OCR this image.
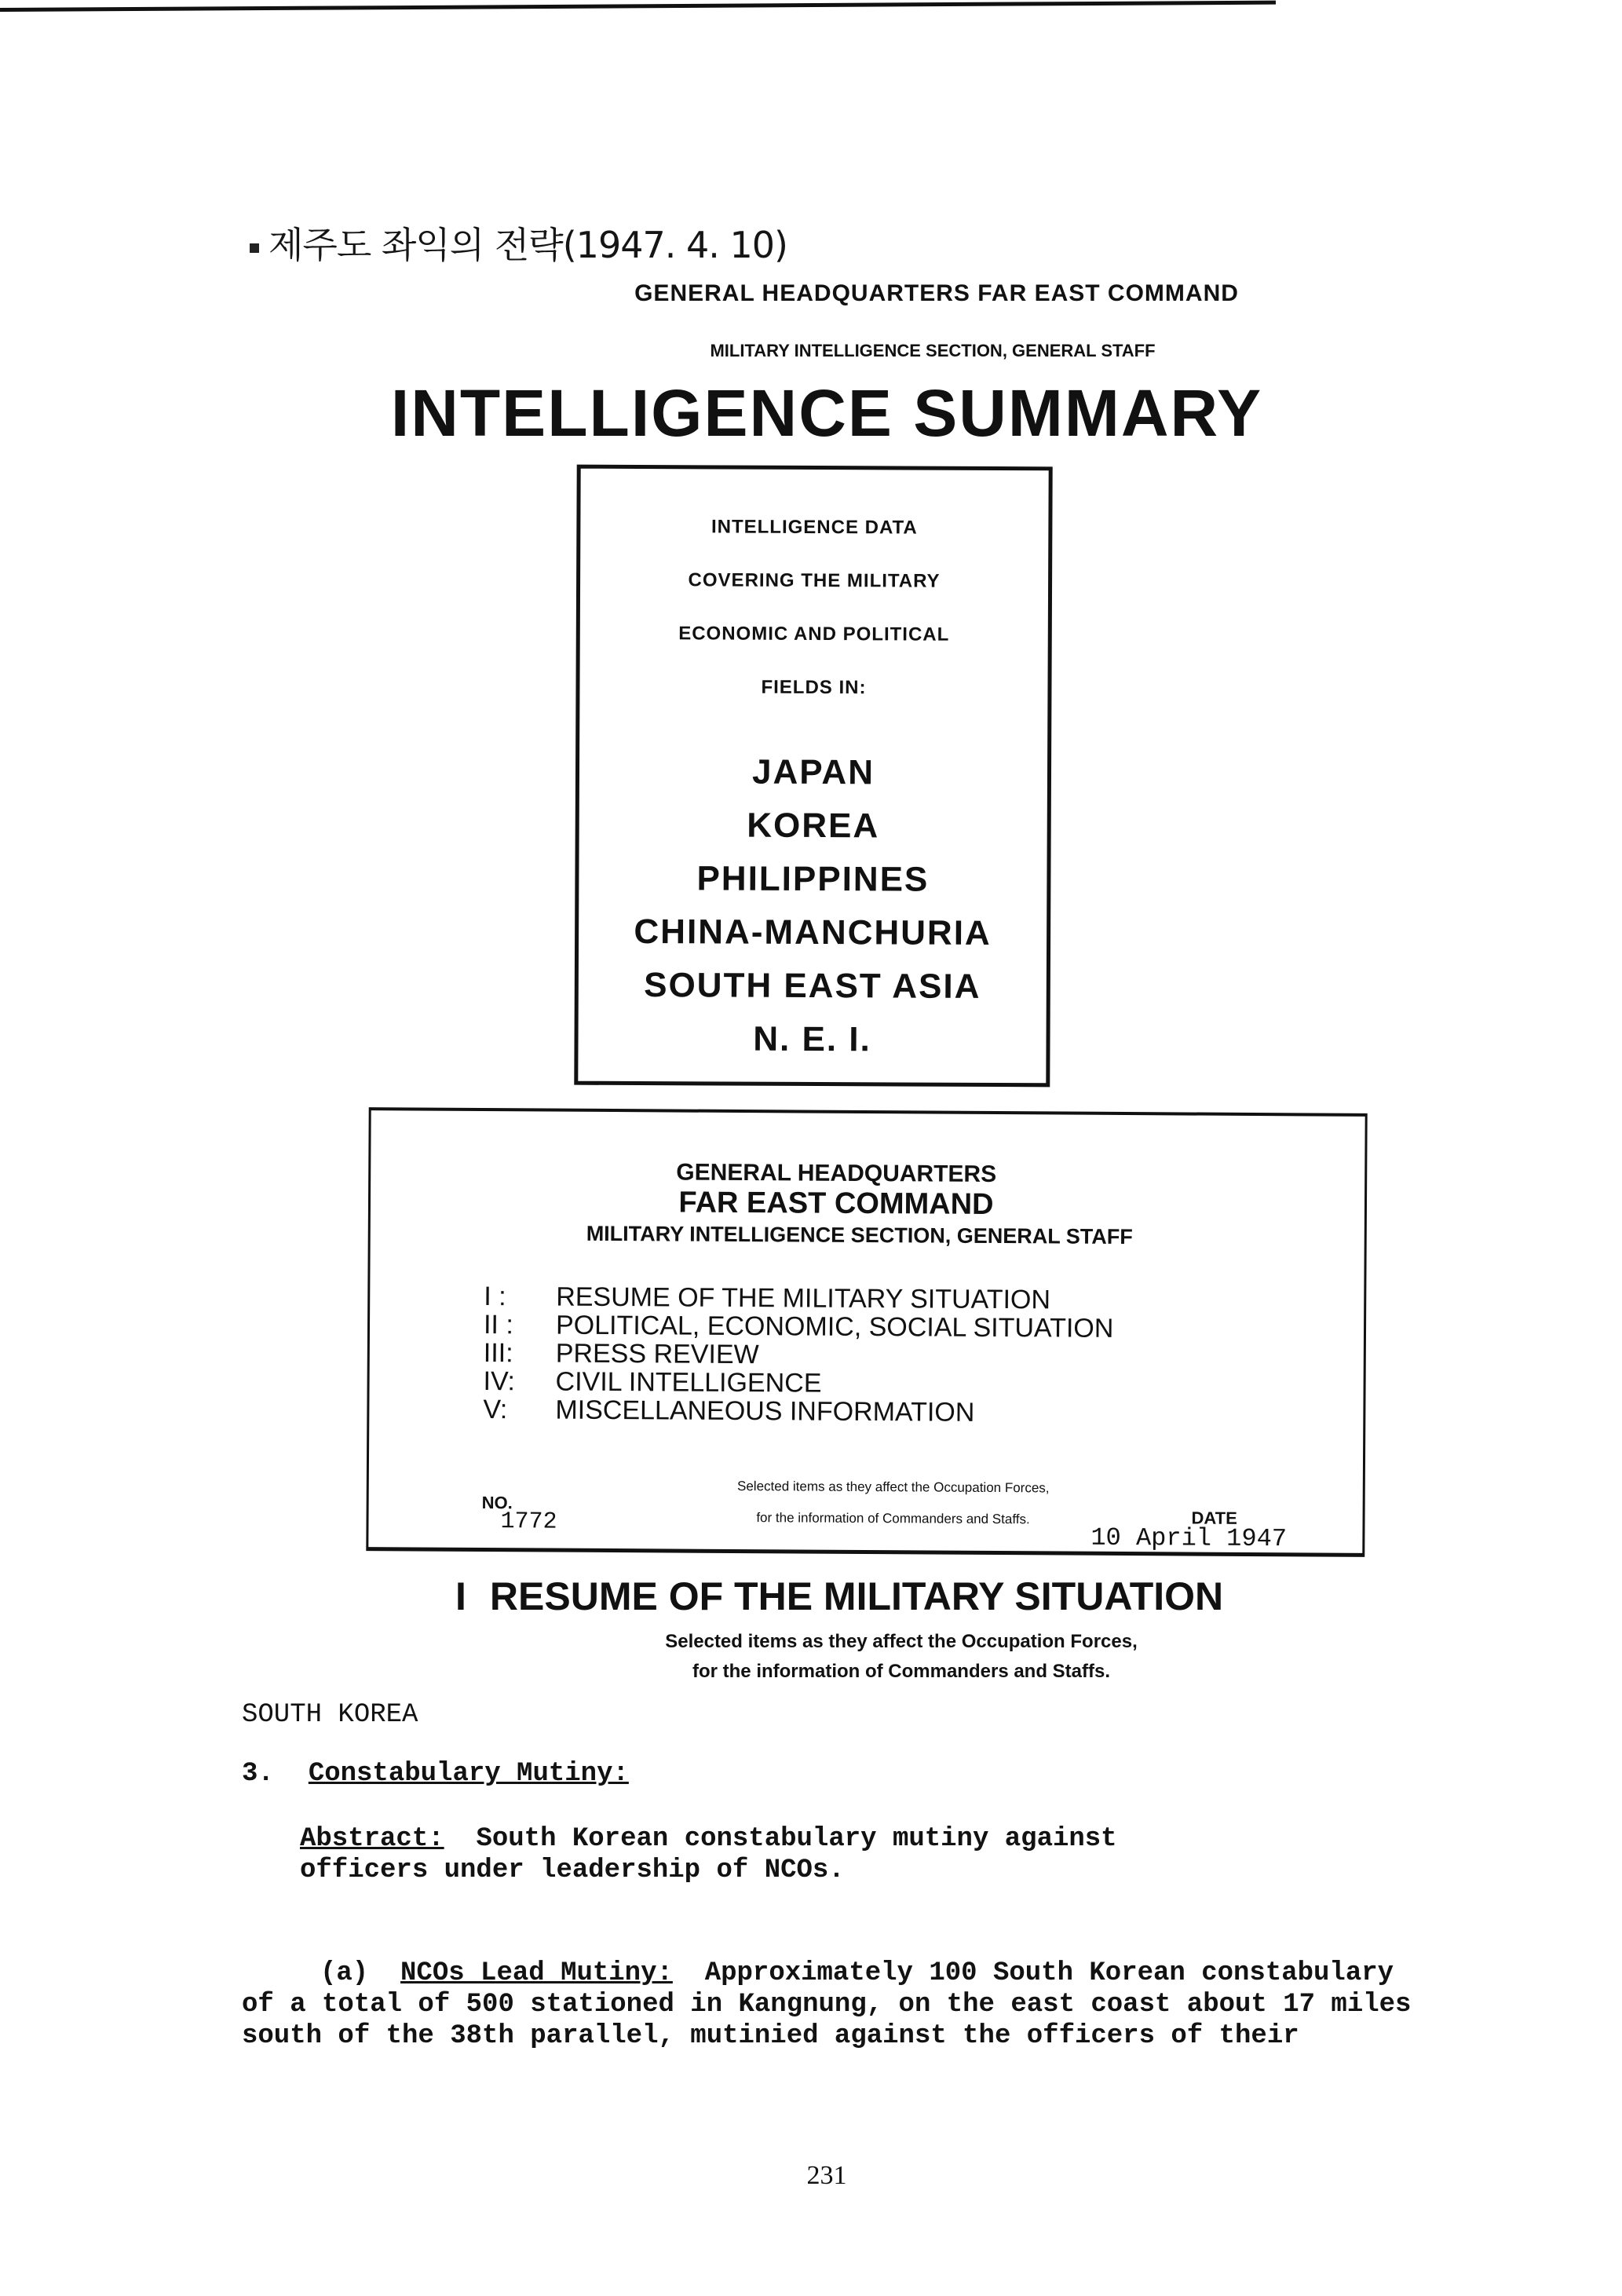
제주도 좌익의 전략(1947. 4. 10)
GENERAL HEADQUARTERS FAR EAST COMMAND
MILITARY INTELLIGENCE SECTION, GENERAL STAFF
INTELLIGENCE SUMMARY
INTELLIGENCE DATA
COVERING THE MILITARY
ECONOMIC AND POLITICAL
FIELDS IN:
JAPAN
KOREA
PHILIPPINES
CHINA-MANCHURIA
SOUTH EAST ASIA
N. E. I.
GENERAL HEADQUARTERS
FAR EAST COMMAND
MILITARY INTELLIGENCE SECTION, GENERAL STAFF
I :	RESUME OF THE MILITARY SITUATION
II :	POLITICAL, ECONOMIC, SOCIAL SITUATION
III:	PRESS REVIEW
IV:	CIVIL INTELLIGENCE
V:	MISCELLANEOUS INFORMATION
Selected items as they affect the Occupation Forces,
for the information of Commanders and Staffs.
NO.
1772	DATE
10 April 1947
I RESUME OF THE MILITARY SITUATION
Selected items as they affect the Occupation Forces,
for the information of Commanders and Staffs.
SOUTH KOREA
3. Constabulary Mutiny:
Abstract: South Korean constabulary mutiny against
officers under leadership of NCOs.
(a) NCOs Lead Mutiny: Approximately 100 South Korean constabulary
of a total of 500 stationed in Kangnung, on the east coast about 17 miles
south of the 38th parallel, mutinied against the officers of their
231
